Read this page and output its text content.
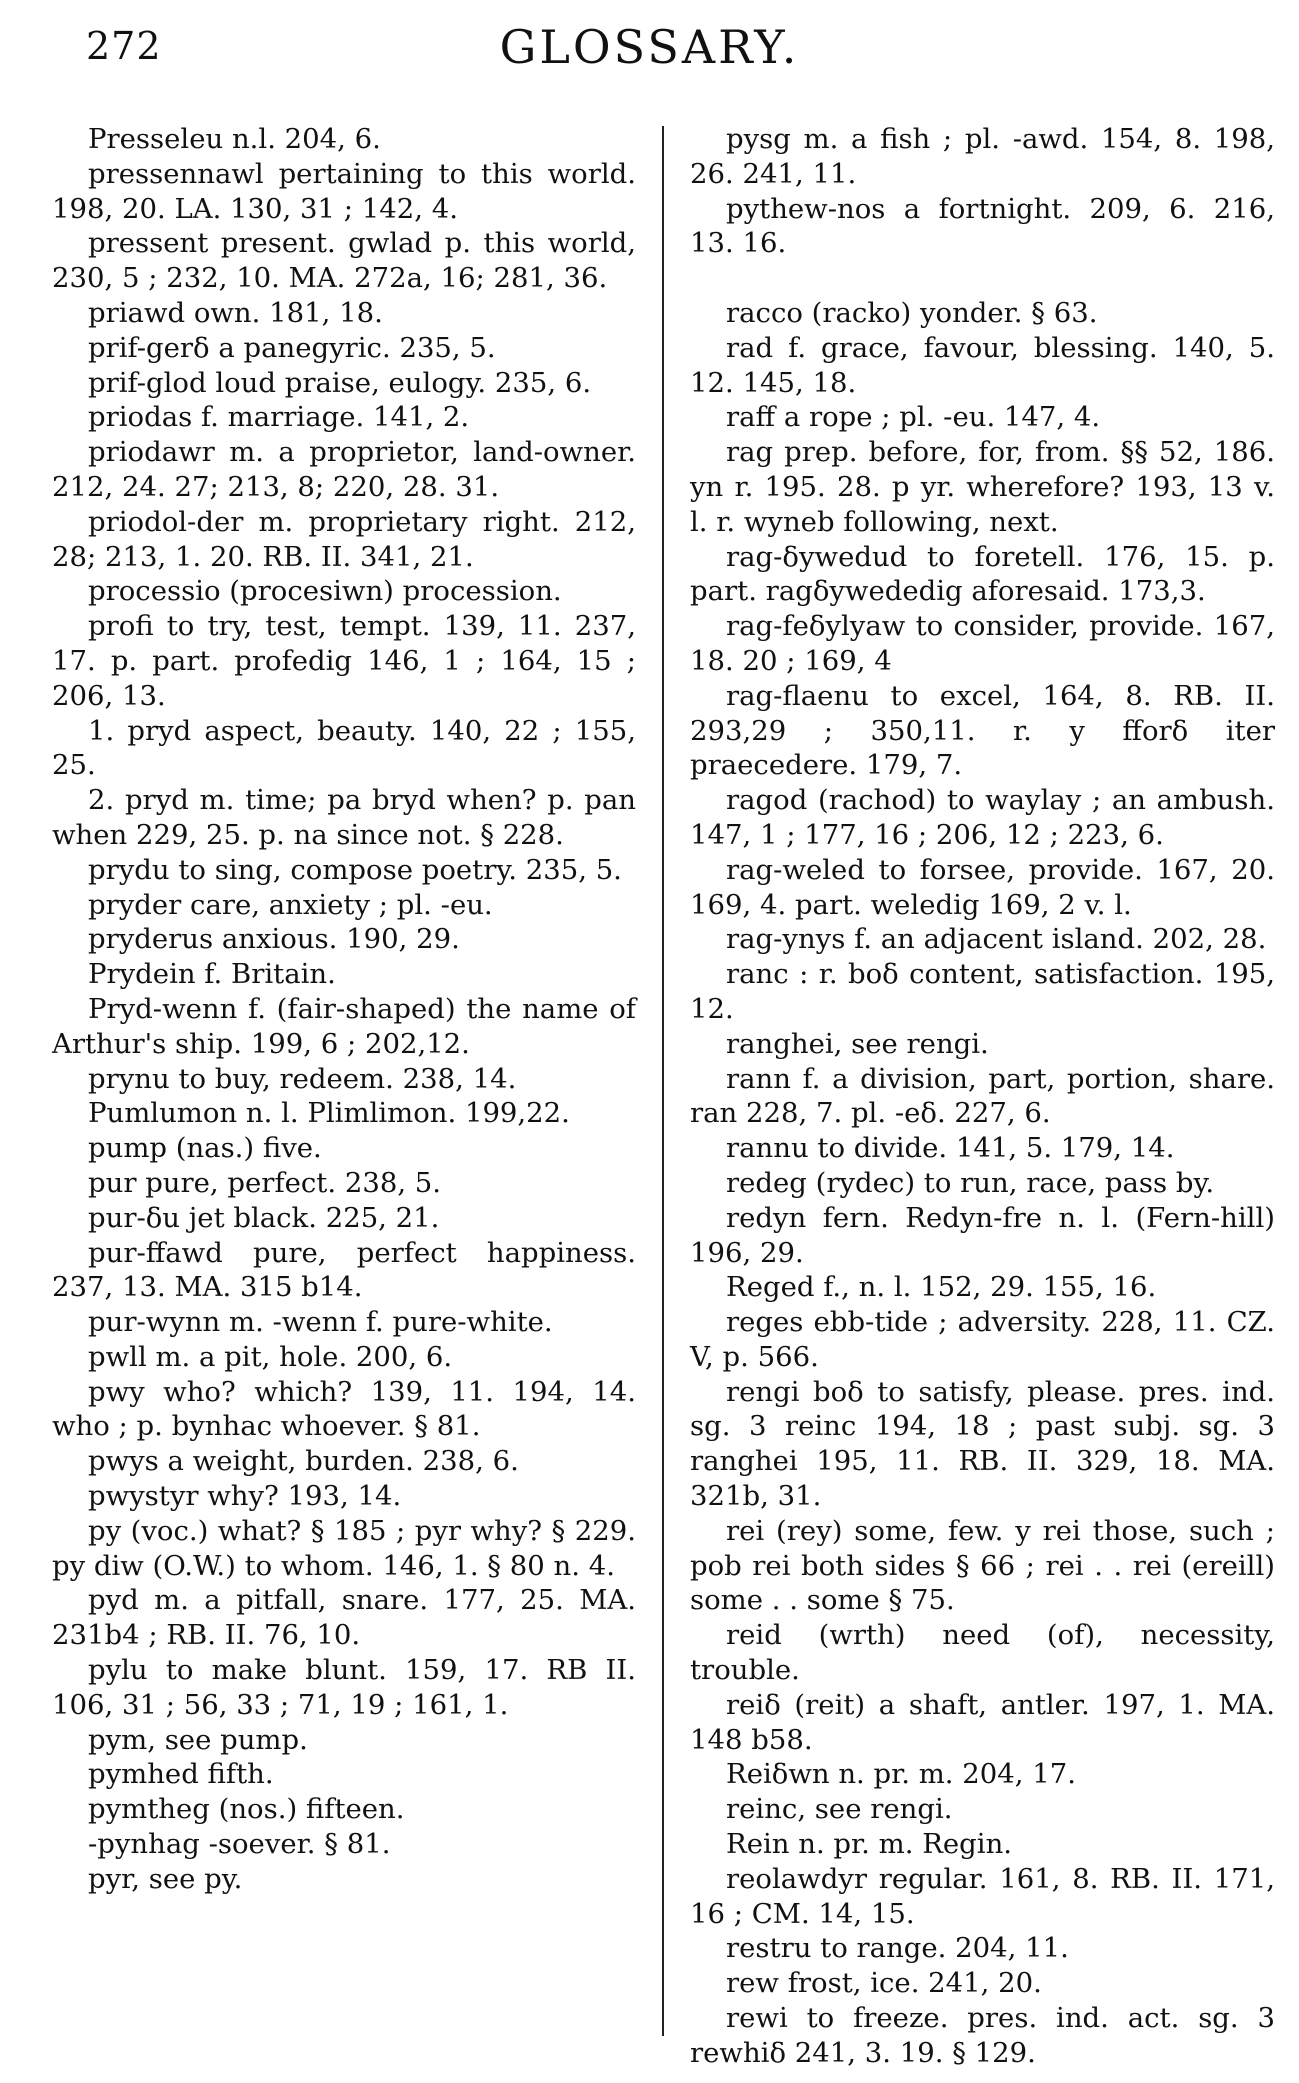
272	GLOSSARY.

Presseleu n.l. 204, 6.

pressennawl pertaining to this world. 198, 20. LA. 130, 31 ; 142, 4.

pressent present. gwlad p. this world, 230, 5 ; 232, 10. MA. 272a, 16; 281, 36.

priawd own. 181, 18.

prif-gerδ a panegyric. 235, 5.

prif-glod loud praise, eulogy. 235, 6.

priodas f. marriage. 141, 2.

priodawr m. a proprietor, land-owner. 212, 24. 27; 213, 8; 220, 28. 31.

priodol-der m. proprietary right. 212, 28; 213, 1. 20. RB. II. 341, 21.

processio (procesiwn) procession.

profi to try, test, tempt. 139, 11. 237, 17. p. part. profedig 146, 1 ; 164, 15 ; 206, 13.

1. pryd aspect, beauty. 140, 22 ; 155, 25.

2. pryd m. time; pa bryd when? p. pan when 229, 25. p. na since not. § 228.

prydu to sing, compose poetry. 235, 5.

pryder care, anxiety ; pl. -eu.

pryderus anxious. 190, 29.

Prydein f. Britain.

Pryd-wenn f. (fair-shaped) the name of Arthur's ship. 199, 6 ; 202,12.

prynu to buy, redeem. 238, 14.

Pumlumon n. l. Plimlimon. 199,22.

pump (nas.) five.

pur pure, perfect. 238, 5.

pur-δu jet black. 225, 21.

pur-ffawd pure, perfect happiness. 237, 13. MA. 315 b14.

pur-wynn m. -wenn f. pure-white.

pwll m. a pit, hole. 200, 6.

pwy who? which? 139, 11. 194, 14. who ; p. bynhac whoever. § 81.

pwys a weight, burden. 238, 6.

pwystyr why? 193, 14.

py (voc.) what? § 185 ; pyr why? § 229. py diw (O.W.) to whom. 146, 1. § 80 n. 4.

pyd m. a pitfall, snare. 177, 25. MA. 231b4 ; RB. II. 76, 10.

pylu to make blunt. 159, 17. RB II. 106, 31 ; 56, 33 ; 71, 19 ; 161, 1.

pym, see pump.

pymhed fifth.

pymtheg (nos.) fifteen.

-pynhag -soever. § 81.

pyr, see py.

pysg m. a fish ; pl. -awd. 154, 8. 198, 26. 241, 11.

pythew-nos a fortnight. 209, 6. 216, 13. 16.

racco (racko) yonder. § 63.

rad f. grace, favour, blessing. 140, 5. 12. 145, 18.

raff a rope ; pl. -eu. 147, 4.

rag prep. before, for, from. §§ 52, 186. yn r. 195. 28. p yr. wherefore? 193, 13 v. l. r. wyneb following, next.

rag-δywedud to foretell. 176, 15. p. part. ragδywededig aforesaid. 173,3.

rag-feδylyaw to consider, provide. 167, 18. 20 ; 169, 4

rag-flaenu to excel, 164, 8. RB. II. 293,29 ; 350,11. r. y fforδ iter praecedere. 179, 7.

ragod (rachod) to waylay ; an ambush. 147, 1 ; 177, 16 ; 206, 12 ; 223, 6.

rag-weled to forsee, provide. 167, 20. 169, 4. part. weledig 169, 2 v. l.

rag-ynys f. an adjacent island. 202, 28.

ranc : r. boδ content, satisfaction. 195, 12.

ranghei, see rengi.

rann f. a division, part, portion, share. ran 228, 7. pl. -eδ. 227, 6.

rannu to divide. 141, 5. 179, 14.

redeg (rydec) to run, race, pass by.

redyn fern. Redyn-fre n. l. (Fern-hill) 196, 29.

Reged f., n. l. 152, 29. 155, 16.

reges ebb-tide ; adversity. 228, 11. CZ. V, p. 566.

rengi boδ to satisfy, please. pres. ind. sg. 3 reinc 194, 18 ; past subj. sg. 3 ranghei 195, 11. RB. II. 329, 18. MA. 321b, 31.

rei (rey) some, few. y rei those, such ; pob rei both sides § 66 ; rei . . rei (ereill) some . . some § 75.

reid (wrth) need (of), necessity, trouble.

reiδ (reit) a shaft, antler. 197, 1. MA. 148 b58.

Reiδwn n. pr. m. 204, 17.

reinc, see rengi.

Rein n. pr. m. Regin.

reolawdyr regular. 161, 8. RB. II. 171, 16 ; CM. 14, 15.

restru to range. 204, 11.

rew frost, ice. 241, 20.

rewi to freeze. pres. ind. act. sg. 3 rewhiδ 241, 3. 19. § 129.
